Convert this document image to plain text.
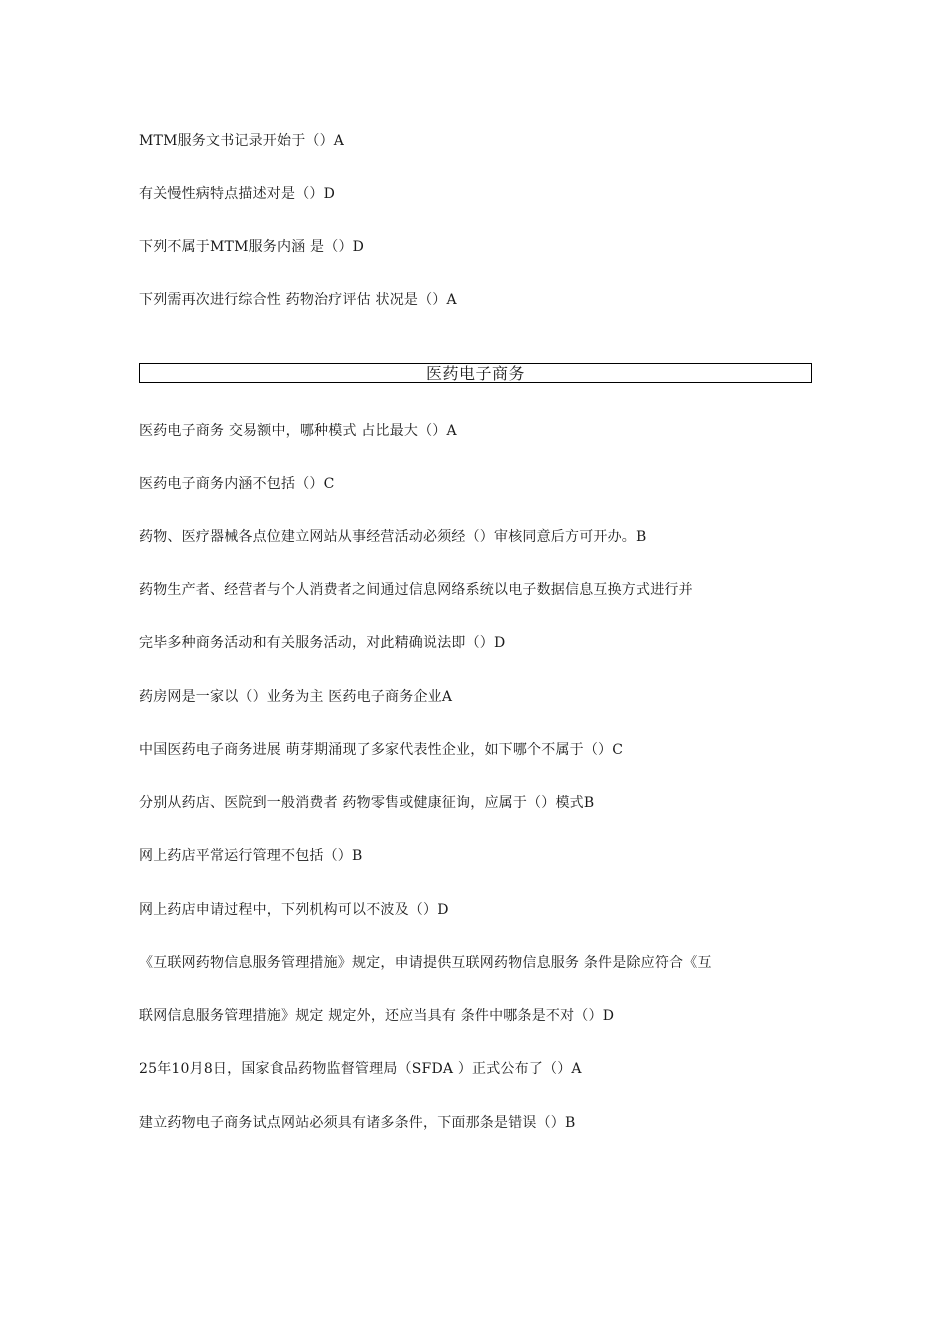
MTM服务文书记录开始于（）A
有关慢性病特点描述对是（）D
下列不属于MTM服务内涵 是（）D
下列需再次进行综合性 药物治疗评估 状况是（）A
医药电子商务
医药电子商务 交易额中，哪种模式 占比最大（）A
医药电子商务内涵不包括（）C
药物、医疗器械各点位建立网站从事经营活动必须经（）审核同意后方可开办。B
药物生产者、经营者与个人消费者之间通过信息网络系统以电子数据信息互换方式进行并
完毕多种商务活动和有关服务活动，对此精确说法即（）D
药房网是一家以（）业务为主 医药电子商务企业A
中国医药电子商务进展 萌芽期涌现了多家代表性企业，如下哪个不属于（）C
分别从药店、医院到一般消费者 药物零售或健康征询，应属于（）模式B
网上药店平常运行管理不包括（）B
网上药店申请过程中，下列机构可以不波及（）D
《互联网药物信息服务管理措施》规定，申请提供互联网药物信息服务 条件是除应符合《互
联网信息服务管理措施》规定 规定外，还应当具有 条件中哪条是不对（）D
25年10月8日，国家食品药物监督管理局（SFDA ）正式公布了（）A
建立药物电子商务试点网站必须具有诸多条件，下面那条是错误（）B
